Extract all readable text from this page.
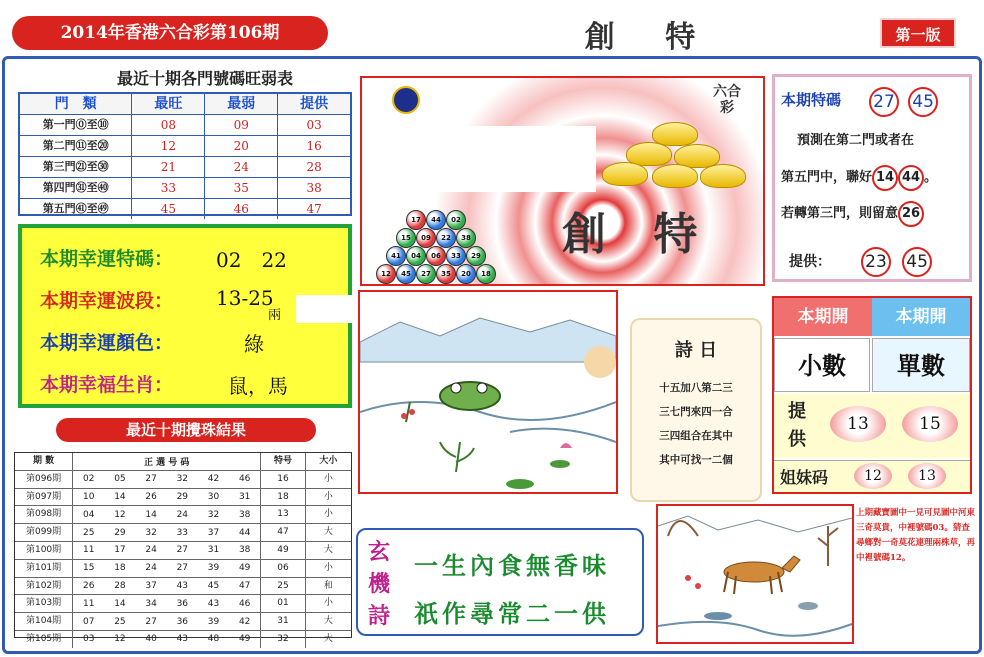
2014年香港六合彩第106期	創 特	第一版
最近十期各門號碼旺弱表
門　類	最旺	最弱	提供
第一門⓪至⑩	08	09	03
第二門⑪至⑳	12	20	16
第三門㉑至㉚	21	24	28
第四門㉛至㊵	33	35	38
第五門㊶至㊾	45	46	47
本期幸運特碼： 02　22
本期幸運波段： 13-25
兩
本期幸運顏色：	綠
本期幸福生肖：	鼠，馬
最近十期攪珠結果
期 數	正 選 号 码	特号	大小
第096期	02 05 27 32 42 46	16	小
第097期	10 14 26 29 30 31	18	小
第098期	04 12 14 24 32 38	13	小
第099期	25 29 32 33 37 44	47	大
第100期	11 17 24 27 31 38	49	大
第101期	15 18 24 27 39 49	06	小
第102期	26 28 37 43 45 47	25	和
第103期	11 14 34 36 43 46	01	小
第104期	07 25 27 36 39 42	31	大
第105期	03 12 40 43 48 49	32	大
六合彩
12	45	27	35	20	18
41	04	06	33	29
15	09	22	38
17	44	02 創 特
本期特碼 27 45
預測在第二門或者在
第五門中，聯好 14 44 。
若轉第三門，則留意 26
提供： 23 45
詩 日
十五加八第二三
三七門來四一合
三四组合在其中
其中可找一二個
本期開	本期開
小數	單數
提供
13	15
姐妹码	12	13
玄機詩
一生內食無香味
祇作尋常二一供
上期藏寶圖中一見可見圖中河東三奇莫貴，中裡號碼03。猜查尋鄉對一奇莫花連理兩株草，再中裡號碼12。
